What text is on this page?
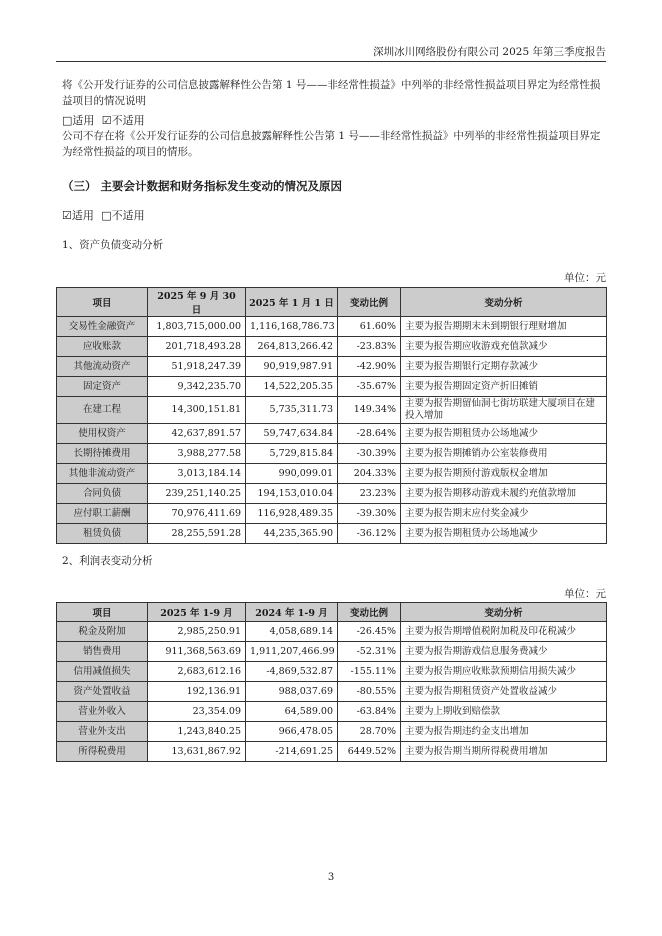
深圳冰川网络股份有限公司 2025 年第三季度报告
将《公开发行证券的公司信息披露解释性公告第 1 号——非经常性损益》中列举的非经常性损益项目界定为经常性损益项目的情况说明
□适用 ☑不适用
公司不存在将《公开发行证券的公司信息披露解释性公告第 1 号——非经常性损益》中列举的非经常性损益项目界定为经常性损益的项目的情形。
（三） 主要会计数据和财务指标发生变动的情况及原因
☑适用 □不适用
1、资产负债变动分析
单位：元
项目	2025 年 9 月 30 日	2025 年 1 月 1 日	变动比例	变动分析
交易性金融资产	1,803,715,000.00	1,116,168,786.73	61.60%	主要为报告期期末未到期银行理财增加
应收账款	201,718,493.28	264,813,266.42	-23.83%	主要为报告期应收游戏充值款减少
其他流动资产	51,918,247.39	90,919,987.91	-42.90%	主要为报告期银行定期存款减少
固定资产	9,342,235.70	14,522,205.35	-35.67%	主要为报告期固定资产折旧摊销
在建工程	14,300,151.81	5,735,311.73	149.34%	主要为报告期留仙洞七街坊联建大厦项目在建投入增加
使用权资产	42,637,891.57	59,747,634.84	-28.64%	主要为报告期租赁办公场地减少
长期待摊费用	3,988,277.58	5,729,815.84	-30.39%	主要为报告期摊销办公室装修费用
其他非流动资产	3,013,184.14	990,099.01	204.33%	主要为报告期预付游戏版权金增加
合同负债	239,251,140.25	194,153,010.04	23.23%	主要为报告期移动游戏未履约充值款增加
应付职工薪酬	70,976,411.69	116,928,489.35	-39.30%	主要为报告期末应付奖金减少
租赁负债	28,255,591.28	44,235,365.90	-36.12%	主要为报告期租赁办公场地减少
2、利润表变动分析
单位：元
项目	2025 年 1-9 月	2024 年 1-9 月	变动比例	变动分析
税金及附加	2,985,250.91	4,058,689.14	-26.45%	主要为报告期增值税附加税及印花税减少
销售费用	911,368,563.69	1,911,207,466.99	-52.31%	主要为报告期游戏信息服务费减少
信用减值损失	2,683,612.16	-4,869,532.87	-155.11%	主要为报告期应收账款预期信用损失减少
资产处置收益	192,136.91	988,037.69	-80.55%	主要为报告期租赁资产处置收益减少
营业外收入	23,354.09	64,589.00	-63.84%	主要为上期收到赔偿款
营业外支出	1,243,840.25	966,478.05	28.70%	主要为报告期违约金支出增加
所得税费用	13,631,867.92	-214,691.25	6449.52%	主要为报告期当期所得税费用增加
3
